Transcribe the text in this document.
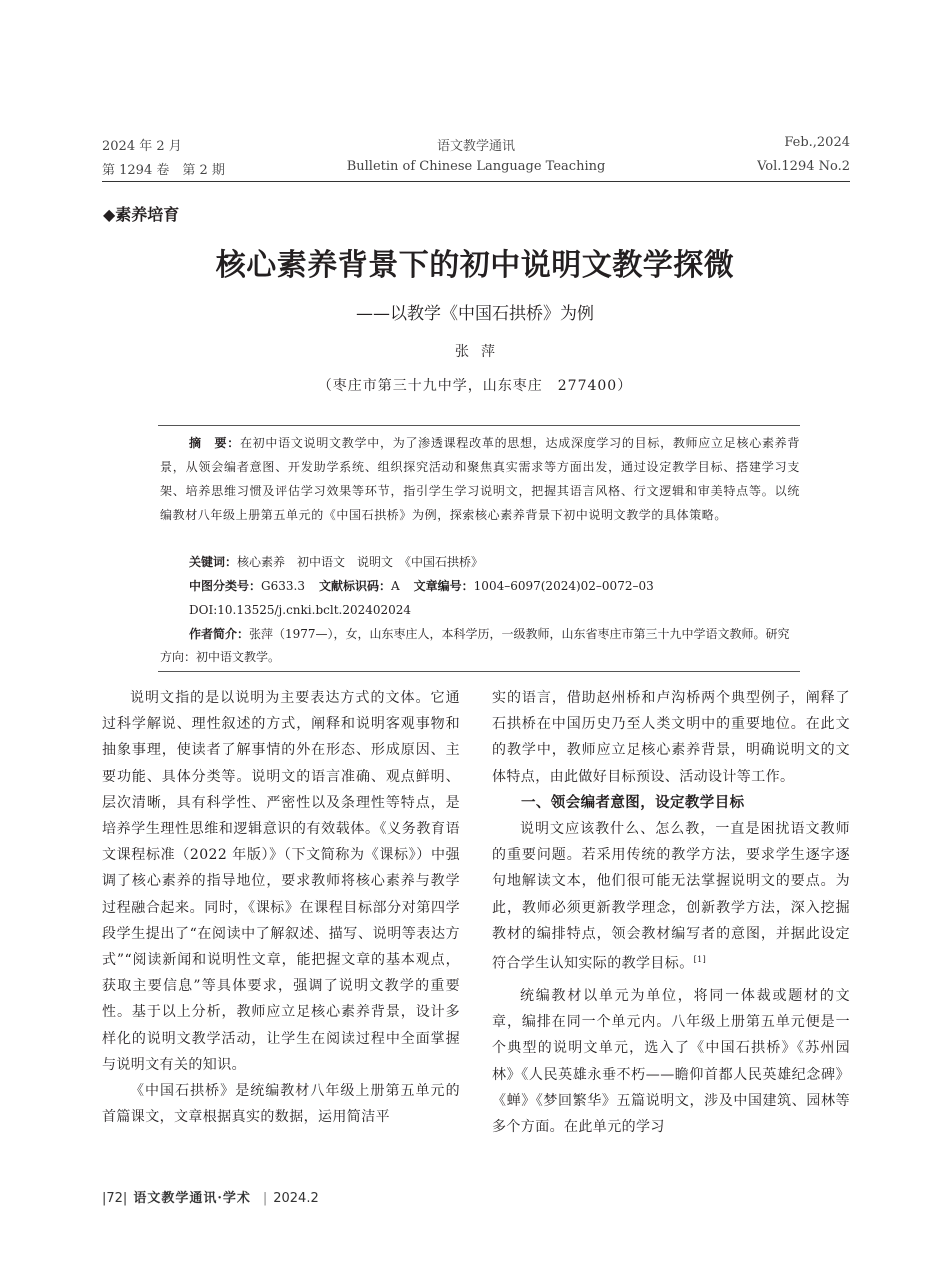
2024 年 2 月	语文教学通讯	Feb.,2024
第 1294 卷　第 2 期	Bulletin of Chinese Language Teaching	Vol.1294 No.2
◆素养培育
核心素养背景下的初中说明文教学探微
——以教学《中国石拱桥》为例
张萍
（枣庄市第三十九中学，山东枣庄　277400）
摘　要：在初中语文说明文教学中，为了渗透课程改革的思想，达成深度学习的目标，教师应立足核心素养背景，从领会编者意图、开发助学系统、组织探究活动和聚焦真实需求等方面出发，通过设定教学目标、搭建学习支架、培养思维习惯及评估学习效果等环节，指引学生学习说明文，把握其语言风格、行文逻辑和审美特点等。以统编教材八年级上册第五单元的《中国石拱桥》为例，探索核心素养背景下初中说明文教学的具体策略。
关键词：核心素养　初中语文　说明文　《中国石拱桥》
中图分类号：G633.3 文献标识码：A 文章编号：1004–6097(2024)02–0072–03
DOI:10.13525/j.cnki.bclt.202402024
作者简介：张萍（1977—），女，山东枣庄人，本科学历，一级教师，山东省枣庄市第三十九中学语文教师。研究方向：初中语文教学。

说明文指的是以说明为主要表达方式的文体。它通过科学解说、理性叙述的方式，阐释和说明客观事物和抽象事理，使读者了解事情的外在形态、形成原因、主要功能、具体分类等。说明文的语言准确、观点鲜明、层次清晰，具有科学性、严密性以及条理性等特点，是培养学生理性思维和逻辑意识的有效载体。《义务教育语文课程标准（2022 年版）》（下文简称为《课标》）中强调了核心素养的指导地位，要求教师将核心素养与教学过程融合起来。同时，《课标》在课程目标部分对第四学段学生提出了“在阅读中了解叙述、描写、说明等表达方式”“阅读新闻和说明性文章，能把握文章的基本观点，获取主要信息”等具体要求，强调了说明文教学的重要性。基于以上分析，教师应立足核心素养背景，设计多样化的说明文教学活动，让学生在阅读过程中全面掌握与说明文有关的知识。

《中国石拱桥》是统编教材八年级上册第五单元的首篇课文，文章根据真实的数据，运用简洁平

实的语言，借助赵州桥和卢沟桥两个典型例子，阐释了石拱桥在中国历史乃至人类文明中的重要地位。在此文的教学中，教师应立足核心素养背景，明确说明文的文体特点，由此做好目标预设、活动设计等工作。

一、领会编者意图，设定教学目标

说明文应该教什么、怎么教，一直是困扰语文教师的重要问题。若采用传统的教学方法，要求学生逐字逐句地解读文本，他们很可能无法掌握说明文的要点。为此，教师必须更新教学理念，创新教学方法，深入挖掘教材的编排特点，领会教材编写者的意图，并据此设定符合学生认知实际的教学目标。[1]

统编教材以单元为单位，将同一体裁或题材的文章，编排在同一个单元内。八年级上册第五单元便是一个典型的说明文单元，选入了《中国石拱桥》《苏州园林》《人民英雄永垂不朽——瞻仰首都人民英雄纪念碑》《蝉》《梦回繁华》五篇说明文，涉及中国建筑、园林等多个方面。在此单元的学习

|72| 语文教学通讯·学术 | 2024.2
